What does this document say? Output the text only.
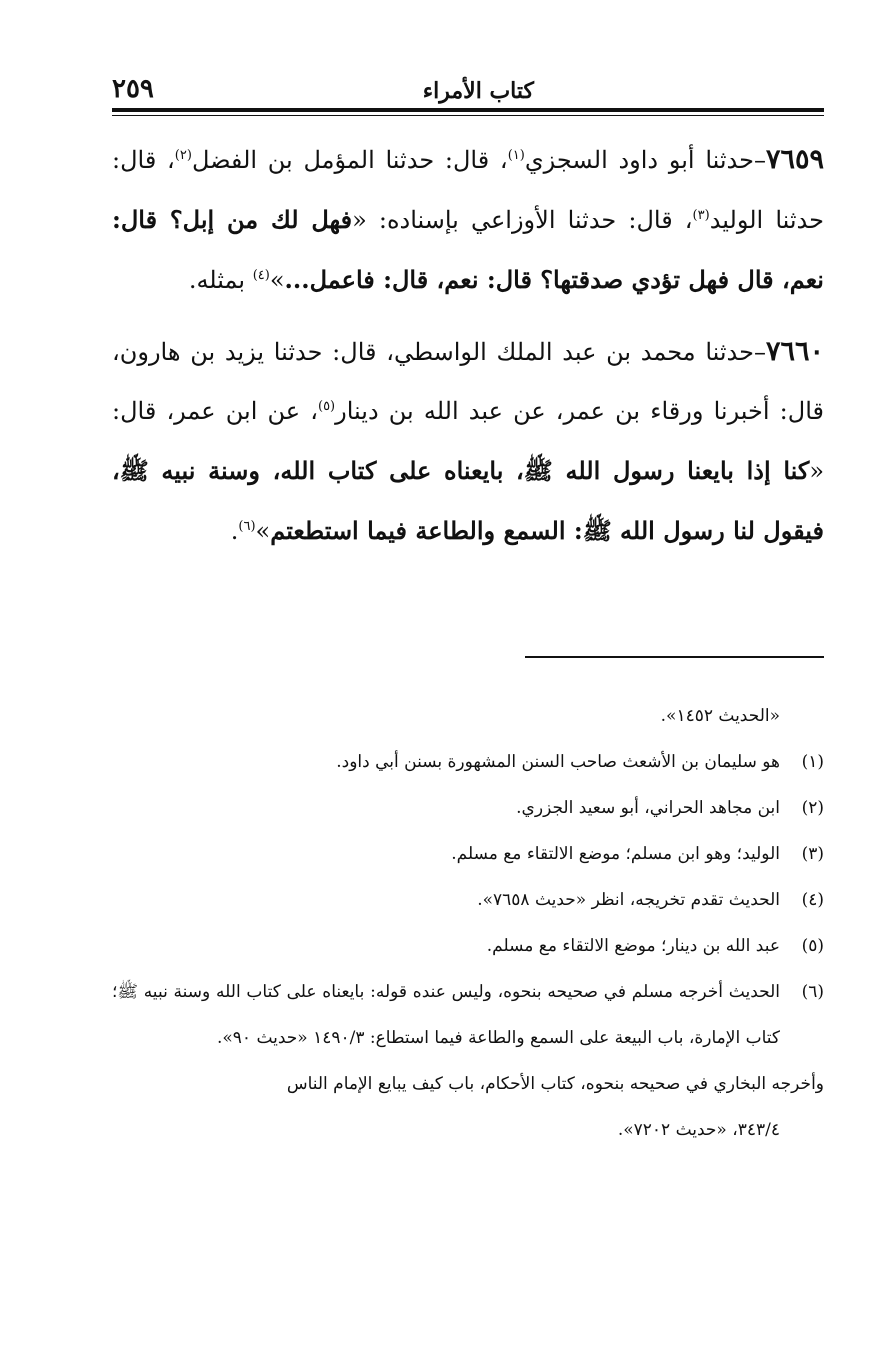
كتاب الأمراء
٢٥٩

٧٦٥٩–حدثنا أبو داود السجزي$^{(١)}$، قال: حدثنا المؤمل بن الفضل$^{(٢)}$، قال: حدثنا الوليد$^{(٣)}$، قال: حدثنا الأوزاعي بإسناده: «فهل لك من إبل؟ قال: نعم، قال فهل تؤدي صدقتها؟ قال: نعم، قال: فاعمل...»$^{(٤)}$ بمثله.

٧٦٦٠–حدثنا محمد بن عبد الملك الواسطي، قال: حدثنا يزيد بن هارون، قال: أخبرنا ورقاء بن عمر، عن عبد الله بن دينار$^{(٥)}$، عن ابن عمر، قال: «كنا إذا بايعنا رسول الله ﷺ، بايعناه على كتاب الله، وسنة نبيه ﷺ، فيقول لنا رسول الله ﷺ: السمع والطاعة فيما استطعتم»$^{(٦)}$.

«الحديث ١٤٥٢».

(١)
هو سليمان بن الأشعث صاحب السنن المشهورة بسنن أبي داود.
(٢)
ابن مجاهد الحراني، أبو سعيد الجزري.
(٣)
الوليد؛ وهو ابن مسلم؛ موضع الالتقاء مع مسلم.
(٤)
الحديث تقدم تخريجه، انظر «حديث ٧٦٥٨».
(٥)
عبد الله بن دينار؛ موضع الالتقاء مع مسلم.
(٦)
الحديث أخرجه مسلم في صحيحه بنحوه، وليس عنده قوله: بايعناه على كتاب الله وسنة نبيه ﷺ؛ كتاب الإمارة، باب البيعة على السمع والطاعة فيما استطاع: ١٤٩٠/٣ «حديث ٩٠».

وأخرجه البخاري في صحيحه بنحوه، كتاب الأحكام، باب كيف يبايع الإمام الناس
٣٤٣/٤، «حديث ٧٢٠٢».
